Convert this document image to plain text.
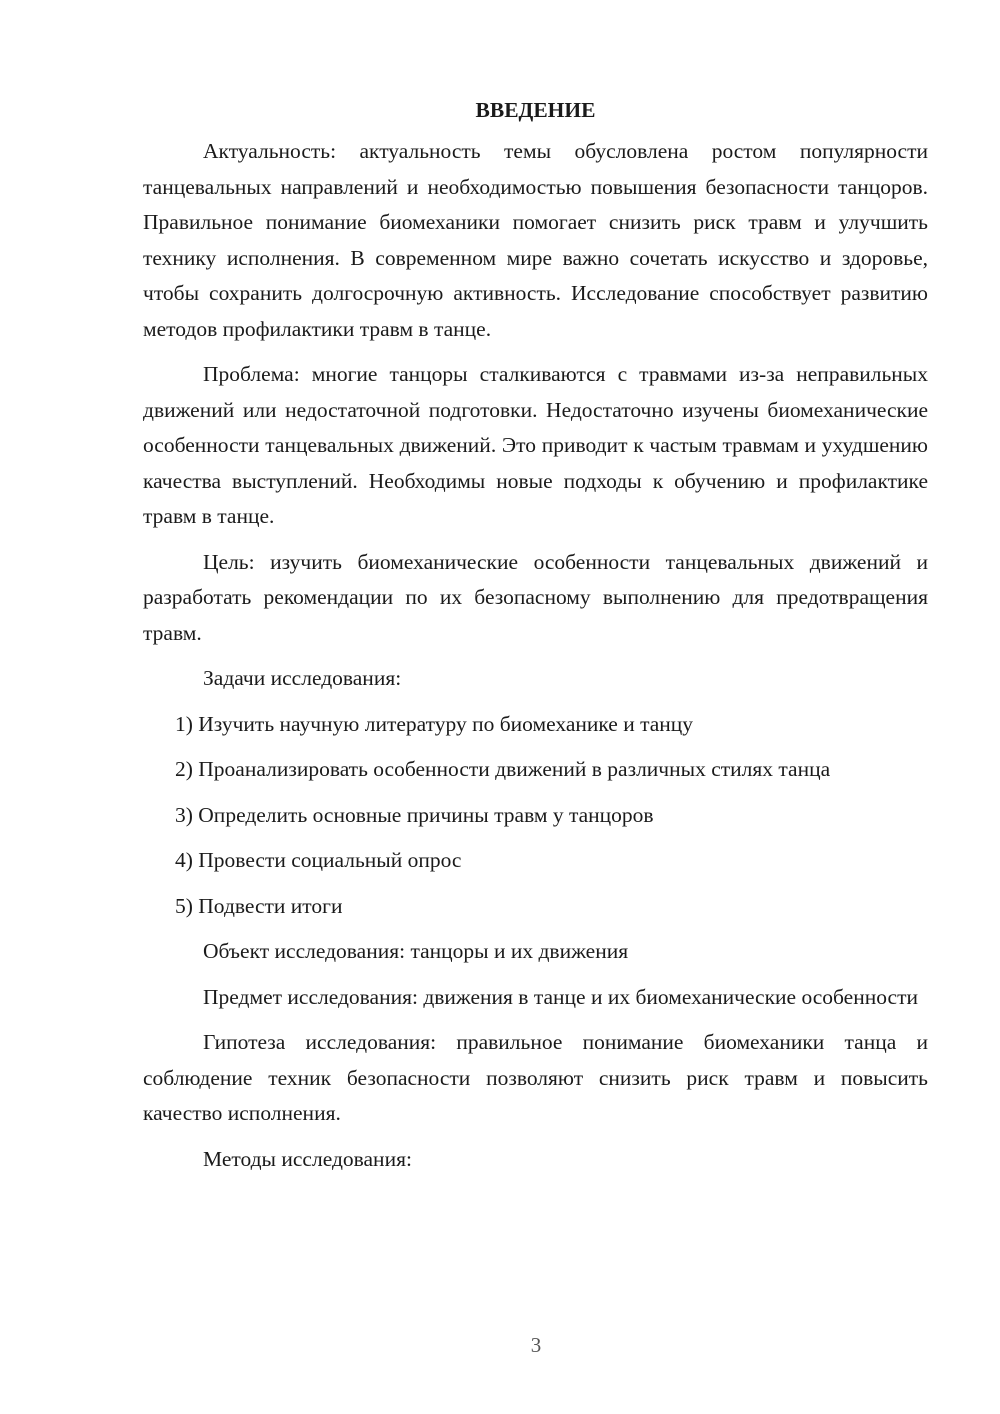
ВВЕДЕНИЕ

Актуальность: актуальность темы обусловлена ростом популярности танцевальных направлений и необходимостью повышения безопасности танцоров. Правильное понимание биомеханики помогает снизить риск травм и улучшить технику исполнения. В современном мире важно сочетать искусство и здоровье, чтобы сохранить долгосрочную активность. Исследование способствует развитию методов профилактики травм в танце.

Проблема: многие танцоры сталкиваются с травмами из-за неправильных движений или недостаточной подготовки. Недостаточно изучены биомеханические особенности танцевальных движений. Это приводит к частым травмам и ухудшению качества выступлений. Необходимы новые подходы к обучению и профилактике травм в танце.

Цель: изучить биомеханические особенности танцевальных движений и разработать рекомендации по их безопасному выполнению для предотвращения травм.

Задачи исследования:

1) Изучить научную литературу по биомеханике и танцу

2) Проанализировать особенности движений в различных стилях танца

3) Определить основные причины травм у танцоров

4) Провести социальный опрос

5) Подвести итоги

Объект исследования: танцоры и их движения

Предмет исследования: движения в танце и их биомеханические особенности

Гипотеза исследования: правильное понимание биомеханики танца и соблюдение техник безопасности позволяют снизить риск травм и повысить качество исполнения.

Методы исследования:

3
